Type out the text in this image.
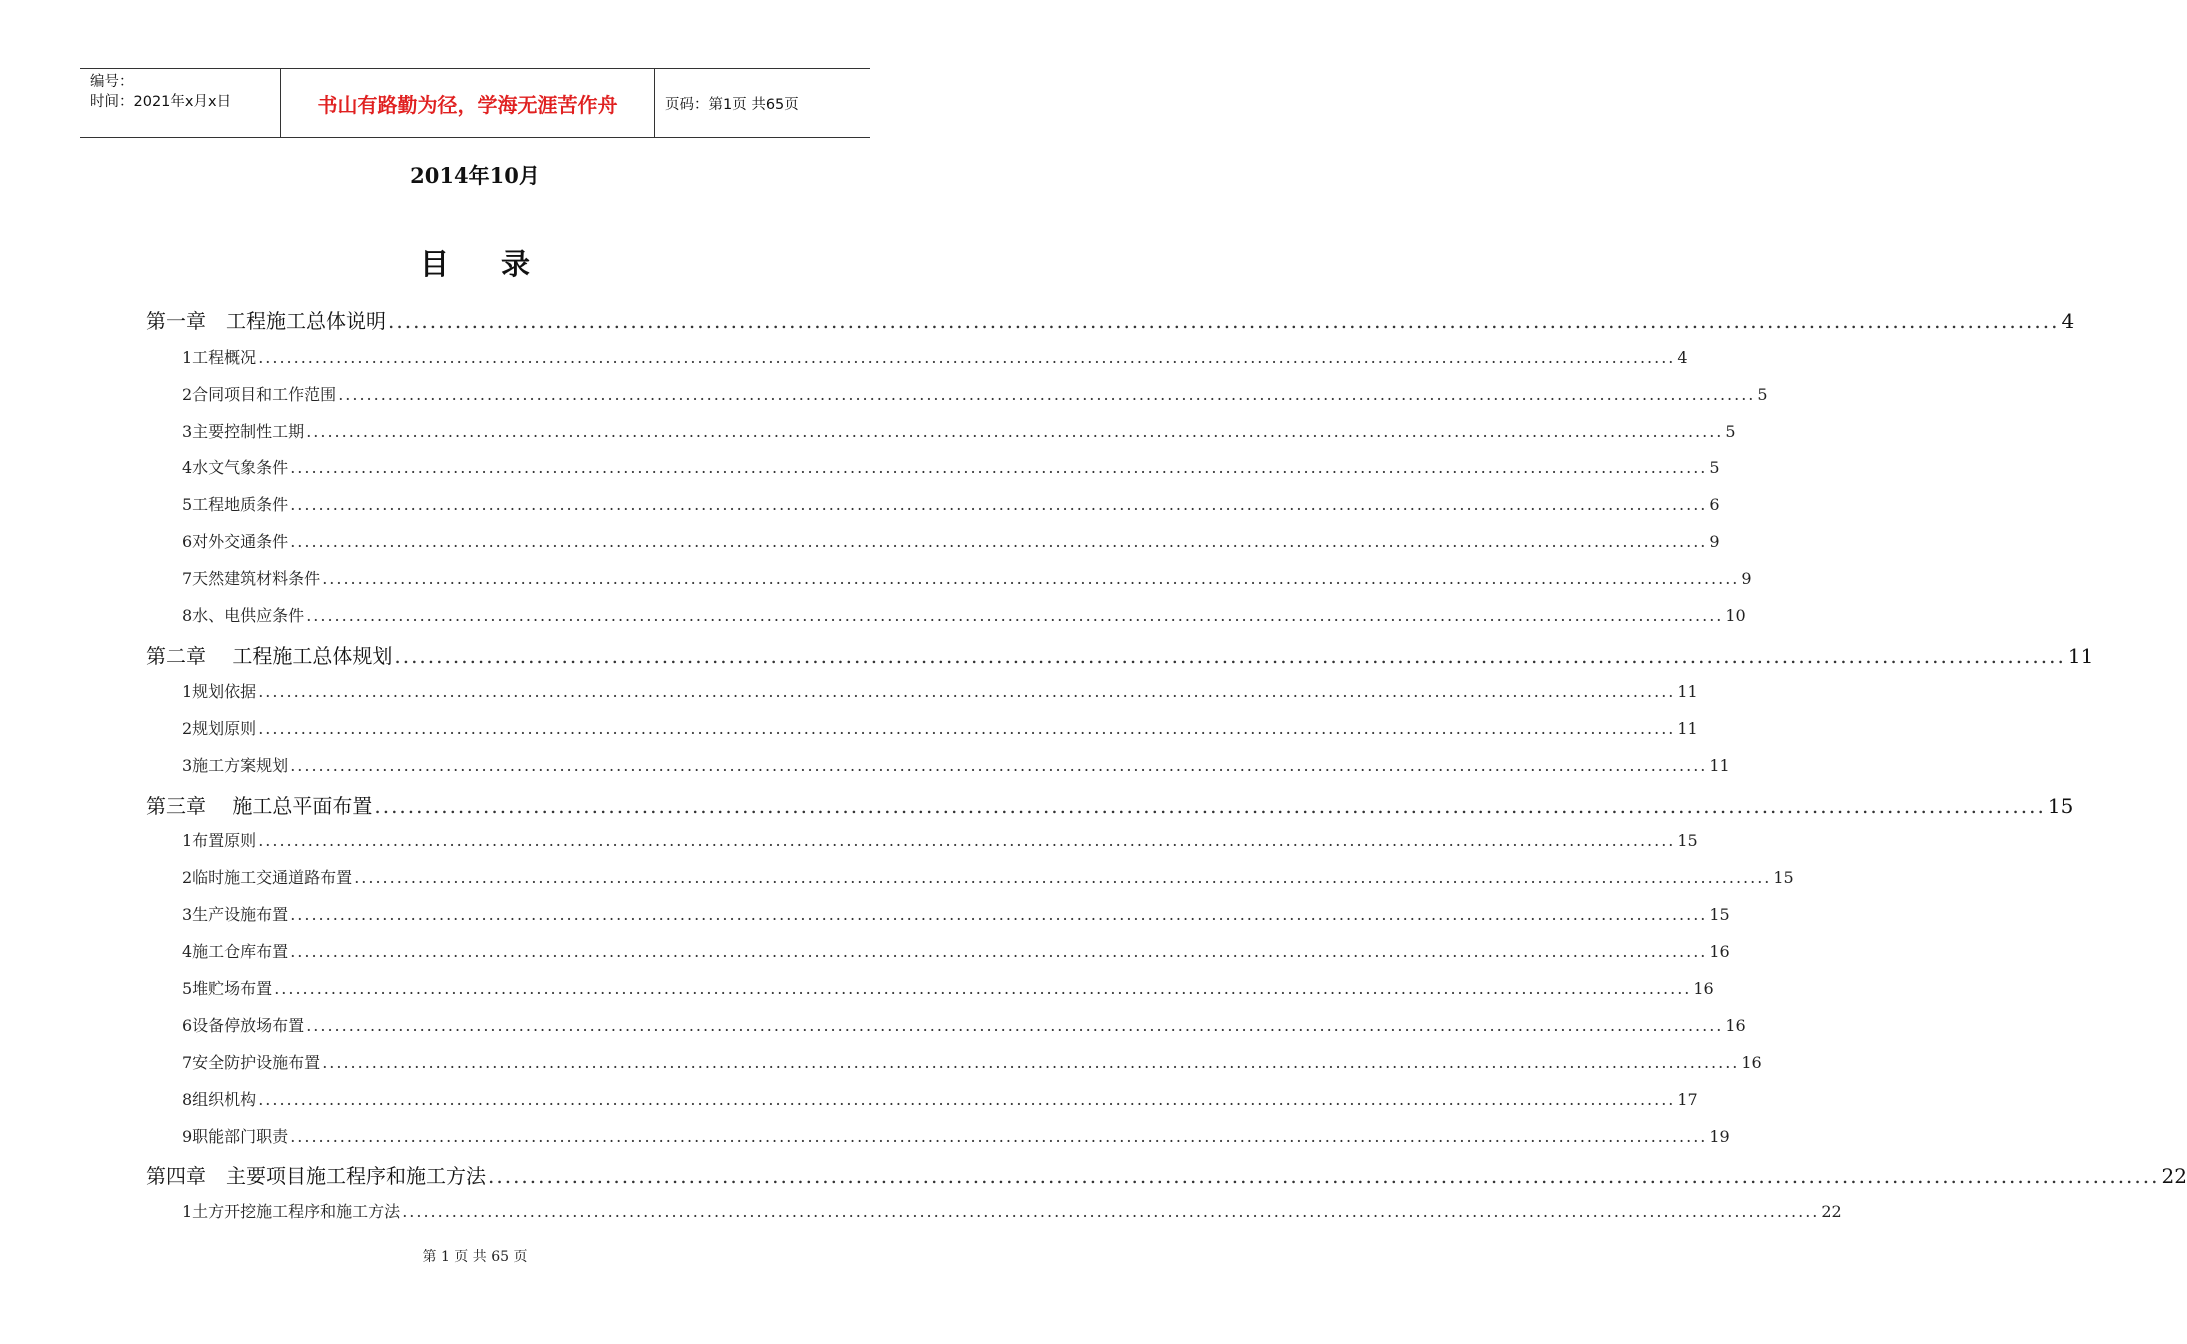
编号：
时间：2021年x月x日	书山有路勤为径，学海无涯苦作舟	页码：第1页 共65页
2014年10月
目录
第一章　工程施工总体说明 ........................................................................................................................................................................................................ 4
1工程概况 ........................................................................................................................................................................................................ 4
2合同项目和工作范围 ........................................................................................................................................................................................................ 5
3主要控制性工期 ........................................................................................................................................................................................................ 5
4水文气象条件 ........................................................................................................................................................................................................ 5
5工程地质条件 ........................................................................................................................................................................................................ 6
6对外交通条件 ........................................................................................................................................................................................................ 9
7天然建筑材料条件 ........................................................................................................................................................................................................ 9
8水、电供应条件 ........................................................................................................................................................................................................ 10
第二章　 工程施工总体规划 ........................................................................................................................................................................................................ 11
1规划依据 ........................................................................................................................................................................................................ 11
2规划原则 ........................................................................................................................................................................................................ 11
3施工方案规划 ........................................................................................................................................................................................................ 11
第三章　 施工总平面布置 ........................................................................................................................................................................................................ 15
1布置原则 ........................................................................................................................................................................................................ 15
2临时施工交通道路布置 ........................................................................................................................................................................................................ 15
3生产设施布置 ........................................................................................................................................................................................................ 15
4施工仓库布置 ........................................................................................................................................................................................................ 16
5堆贮场布置 ........................................................................................................................................................................................................ 16
6设备停放场布置 ........................................................................................................................................................................................................ 16
7安全防护设施布置 ........................................................................................................................................................................................................ 16
8组织机构 ........................................................................................................................................................................................................ 17
9职能部门职责 ........................................................................................................................................................................................................ 19
第四章　主要项目施工程序和施工方法 ........................................................................................................................................................................................................ 22
1土方开挖施工程序和施工方法 ........................................................................................................................................................................................................ 22
第 1 页 共 65 页
